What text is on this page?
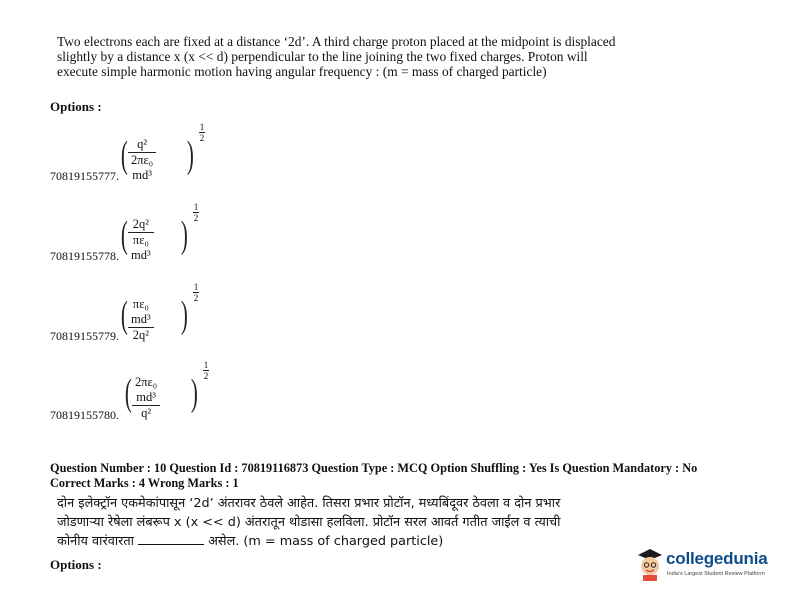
Two electrons each are fixed at a distance ‘2d’. A third charge proton placed at the midpoint is displaced slightly by a distance x (x << d) perpendicular to the line joining the two fixed charges. Proton will execute simple harmonic motion having angular frequency : (m = mass of charged particle)
Options :
70819155777. ( $\frac{\text{q²}}{\text{2πε₀ md³}}$ )
$\frac{1}{2}$
70819155778. ( $\frac{\text{2q²}}{\text{πε₀ md³}}$ )
$\frac{1}{2}$
70819155779. ( $\frac{\text{πε₀ md³}}{\text{2q²}}$ )
$\frac{1}{2}$
70819155780.
( $\frac{\text{2πε₀ md³}}{\text{q²}}$ )
$\frac{1}{2}$
Question Number : 10 Question Id : 70819116873 Question Type : MCQ Option Shuffling : Yes Is Question Mandatory : No
Correct Marks : 4 Wrong Marks : 1
दोन इलेक्ट्रॉन एकमेकांपासून ‘2d’ अंतरावर ठेवले आहेत. तिसरा प्रभार प्रोटॉन, मध्यबिंदूवर ठेवला व दोन प्रभार
जोडणाऱ्या रेषेला लंबरूप x (x << d) अंतरातून थोडासा हलविला. प्रोटॉन सरल आवर्त गतीत जाईल व त्याची
कोनीय वारंवारता	असेल. (m = mass of charged particle)
Options :	collegedunia
India's Largest Student Review Platform
